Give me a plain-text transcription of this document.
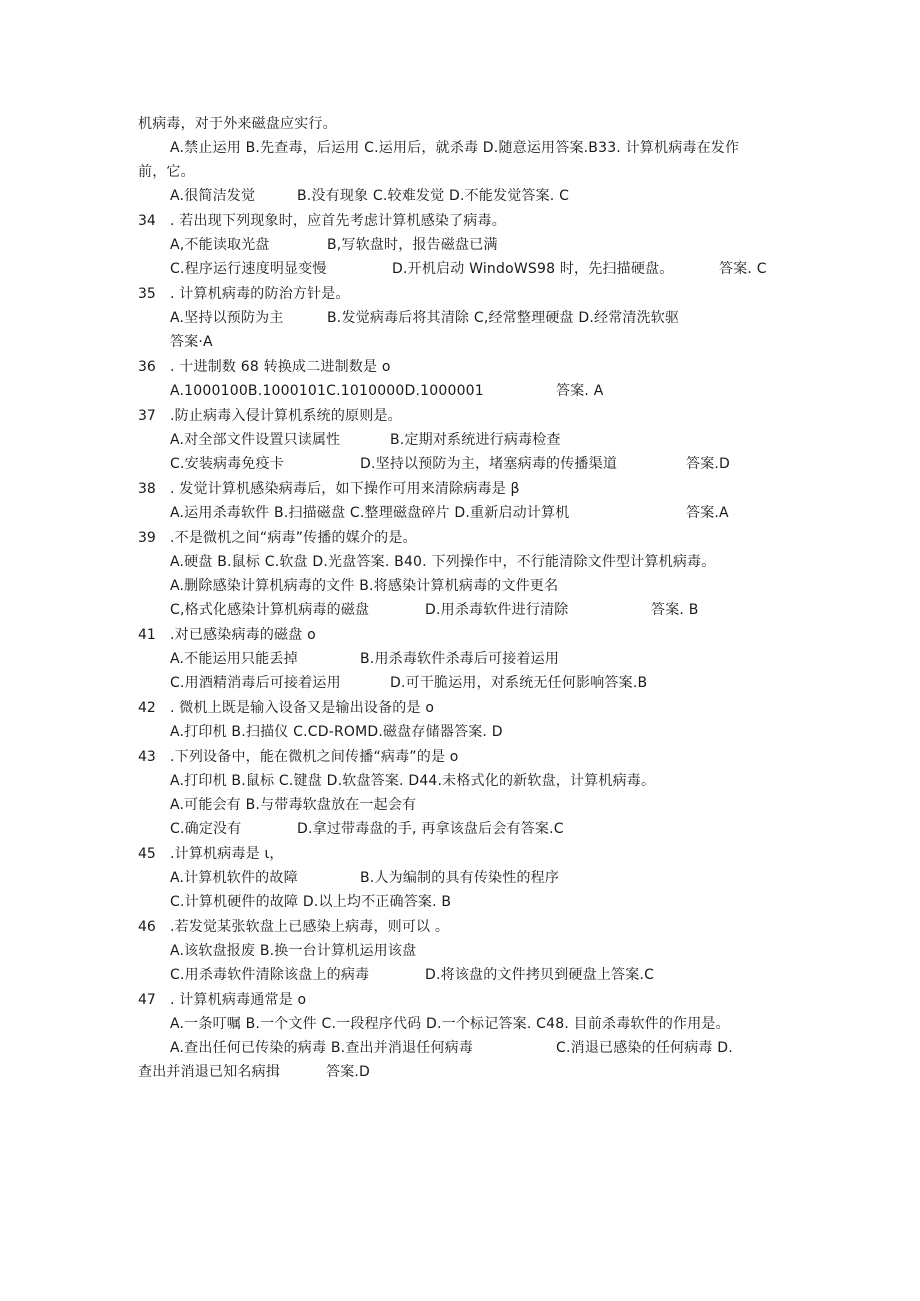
机病毒，对于外来磁盘应实行。
A.禁止运用 B.先查毒，后运用 C.运用后，就杀毒 D.随意运用答案.B33. 计算机病毒在发作
前，它。
A.很简洁发觉	B.没有现象 C.较难发觉 D.不能发觉答案. C
34 . 若出现下列现象时，应首先考虑计算机感染了病毒。
A,不能读取光盘	B,写软盘时，报告磁盘已满
C.程序运行速度明显变慢	D.开机启动 WindoWS98 时，先扫描硬盘。	答案. C
35 . 计算机病毒的防治方针是。
A.坚持以预防为主	B.发觉病毒后将其清除 C,经常整理硬盘 D.经常清洗软驱
答案·A
36 . 十进制数 68 转换成二进制数是 o
A.1000100B.1000101C.1010000D.1000001	答案. A
37 .防止病毒入侵计算机系统的原则是。
A.对全部文件设置只读属性	B.定期对系统进行病毒检查
C.安装病毒免疫卡	D.坚持以预防为主，堵塞病毒的传播渠道	答案.D
38 . 发觉计算机感染病毒后，如下操作可用来清除病毒是 β
A.运用杀毒软件 B.扫描磁盘 C.整理磁盘碎片 D.重新启动计算机	答案.A
39 .不是微机之间“病毒”传播的媒介的是。
A.硬盘 B.鼠标 C.软盘 D.光盘答案. B40. 下列操作中，不行能清除文件型计算机病毒。
A.删除感染计算机病毒的文件 B.将感染计算机病毒的文件更名
C,格式化感染计算机病毒的磁盘	D.用杀毒软件进行清除	答案. B
41 .对已感染病毒的磁盘 o
A.不能运用只能丢掉	B.用杀毒软件杀毒后可接着运用
C.用酒精消毒后可接着运用	D.可干脆运用，对系统无任何影响答案.B
42 . 微机上既是输入设备又是输出设备的是 o
A.打印机 B.扫描仪 C.CD-ROMD.磁盘存储器答案. D
43 .下列设备中，能在微机之间传播“病毒”的是 o
A.打印机 B.鼠标 C.键盘 D.软盘答案. D44.未格式化的新软盘，计算机病毒。
A.可能会有 B.与带毒软盘放在一起会有
C.确定没有	D.拿过带毒盘的手, 再拿该盘后会有答案.C
45 .计算机病毒是 ι，
A.计算机软件的故障	B.人为编制的具有传染性的程序
C.计算机硬件的故障 D.以上均不正确答案. B
46 .若发觉某张软盘上已感染上病毒，则可以 。
A.该软盘报废 B.换一台计算机运用该盘
C.用杀毒软件清除该盘上的病毒	D.将该盘的文件拷贝到硬盘上答案.C
47 . 计算机病毒通常是 o
A.一条叮嘱 B.一个文件 C.一段程序代码 D.一个标记答案. C48. 目前杀毒软件的作用是。
A.查出任何已传染的病毒 B.查出并消退任何病毒	C.消退已感染的任何病毒 D.
查出并消退已知名病揖	答案.D
